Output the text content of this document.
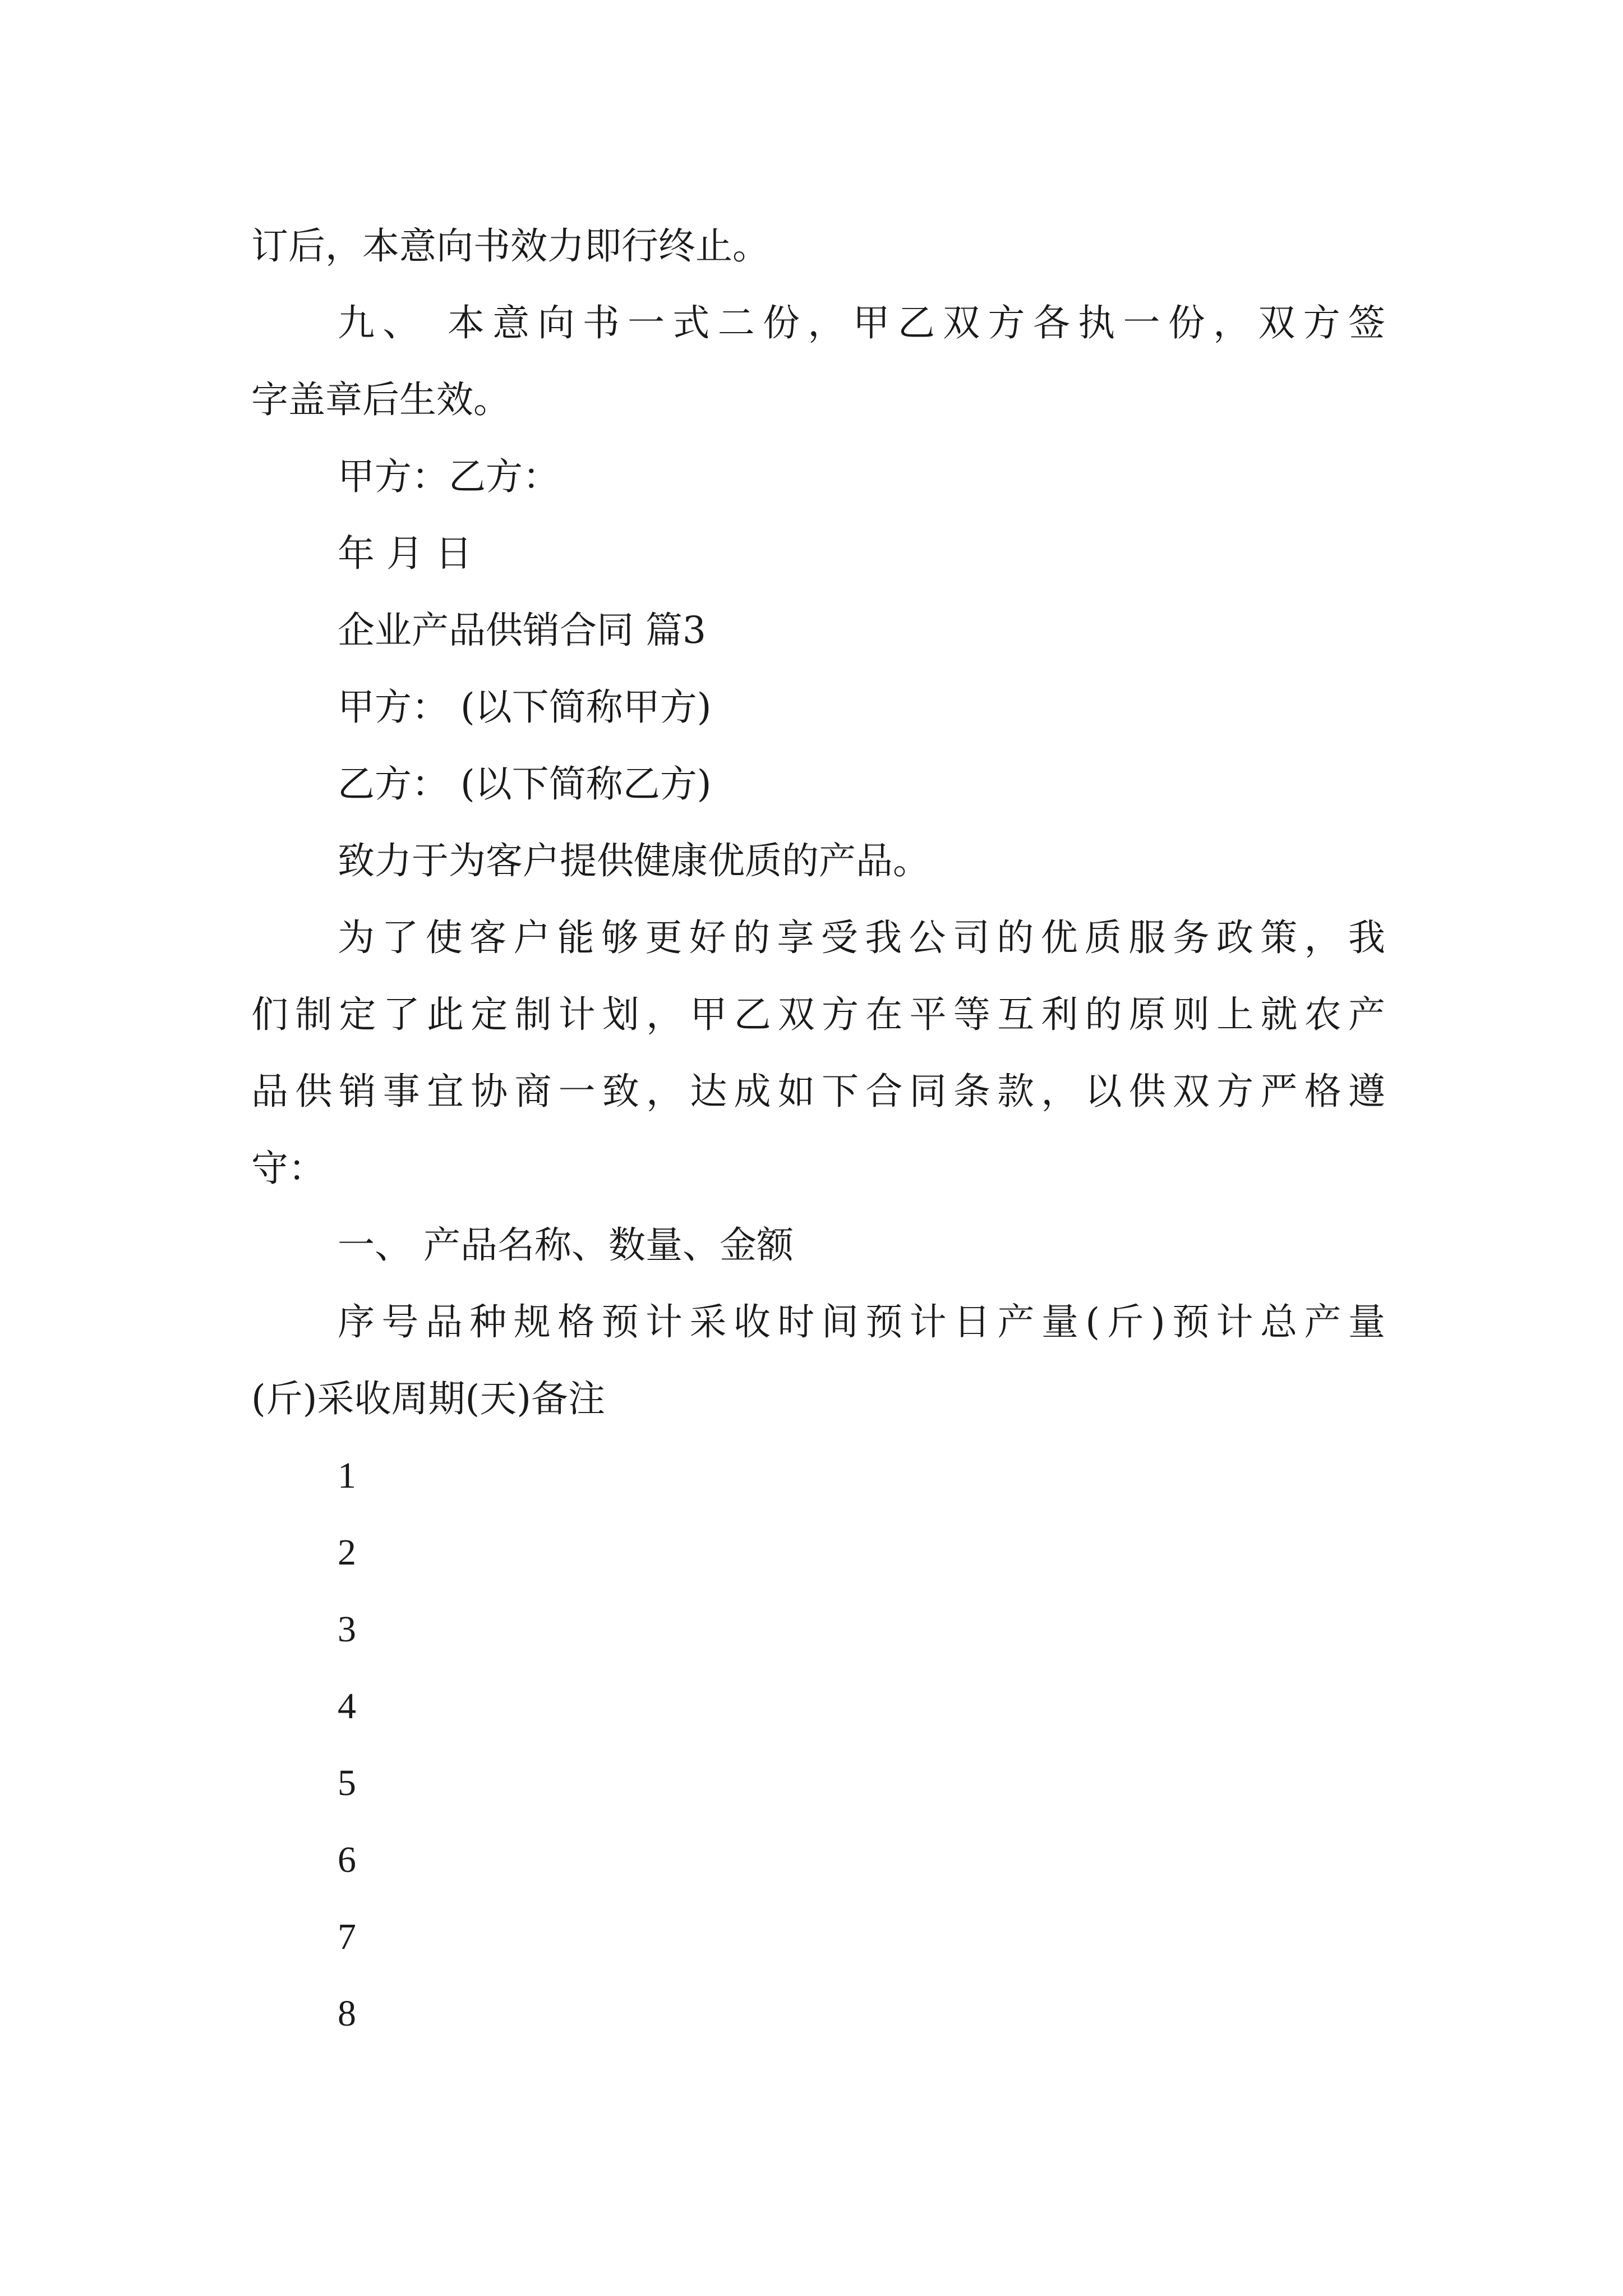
订后，本意向书效力即行终止。
九、 本意向书一式二份，甲乙双方各执一份，双方签
字盖章后生效。
甲方：乙方：
年 月 日
企业产品供销合同 篇3
甲方： (以下简称甲方)
乙方： (以下简称乙方)
致力于为客户提供健康优质的产品。
为了使客户能够更好的享受我公司的优质服务政策，我
们制定了此定制计划，甲乙双方在平等互利的原则上就农产
品供销事宜协商一致，达成如下合同条款，以供双方严格遵
守：
一、 产品名称、数量、金额
序号品种规格预计采收时间预计日产量(斤)预计总产量
(斤)采收周期(天)备注
1
2
3
4
5
6
7
8
